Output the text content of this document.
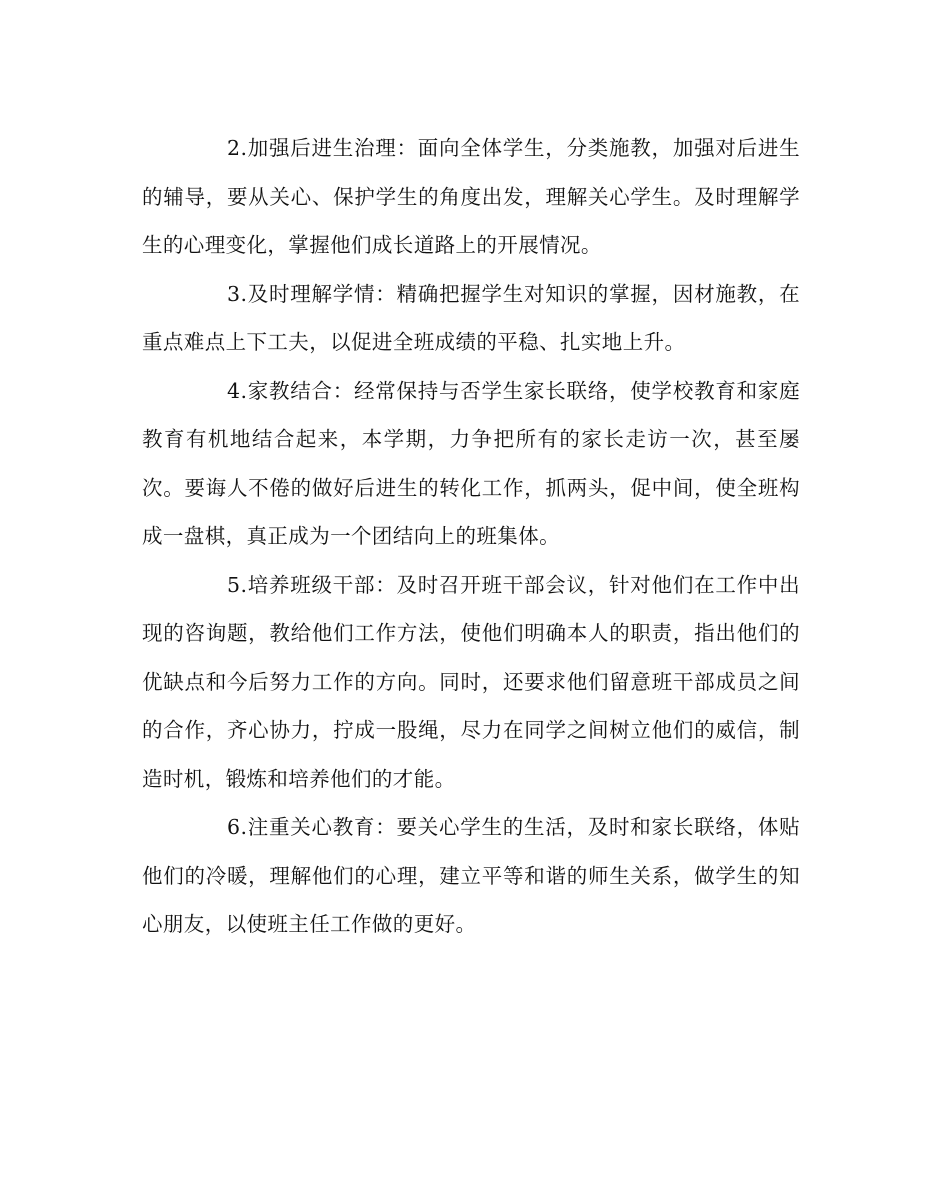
2.加强后进生治理：面向全体学生，分类施教，加强对后进生的辅导，要从关心、保护学生的角度出发，理解关心学生。及时理解学生的心理变化，掌握他们成长道路上的开展情况。

3.及时理解学情：精确把握学生对知识的掌握，因材施教，在重点难点上下工夫，以促进全班成绩的平稳、扎实地上升。

4.家教结合：经常保持与否学生家长联络，使学校教育和家庭教育有机地结合起来，本学期，力争把所有的家长走访一次，甚至屡次。要诲人不倦的做好后进生的转化工作，抓两头，促中间，使全班构成一盘棋，真正成为一个团结向上的班集体。

5.培养班级干部：及时召开班干部会议，针对他们在工作中出现的咨询题，教给他们工作方法，使他们明确本人的职责，指出他们的优缺点和今后努力工作的方向。同时，还要求他们留意班干部成员之间的合作，齐心协力，拧成一股绳，尽力在同学之间树立他们的威信，制造时机，锻炼和培养他们的才能。

6.注重关心教育：要关心学生的生活，及时和家长联络，体贴他们的冷暖，理解他们的心理，建立平等和谐的师生关系，做学生的知心朋友，以使班主任工作做的更好。
